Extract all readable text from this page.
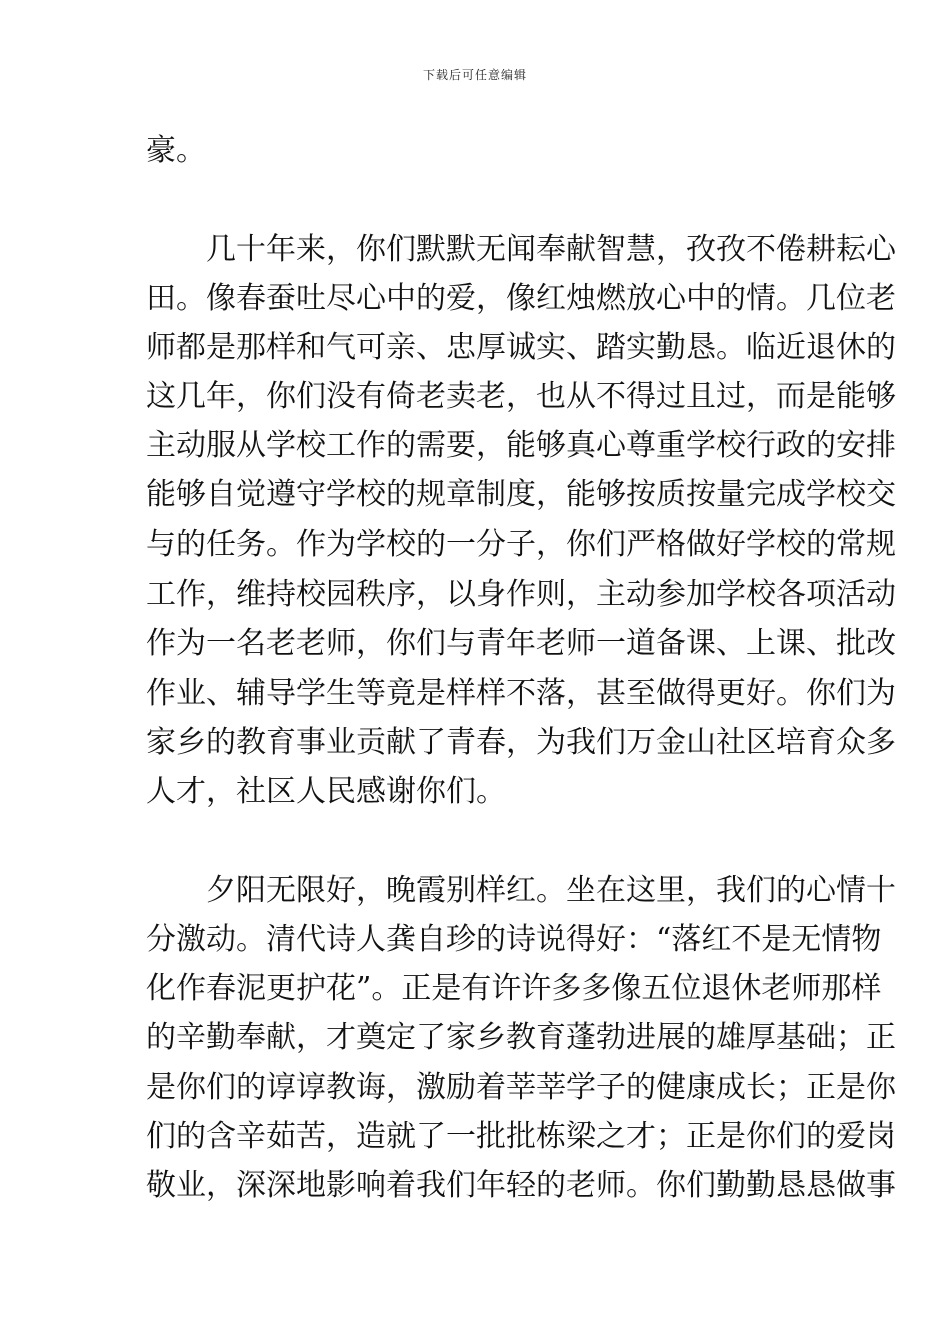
下载后可任意编辑
豪。
　　几十年来，你们默默无闻奉献智慧，孜孜不倦耕耘心
田。像春蚕吐尽心中的爱，像红烛燃放心中的情。几位老
师都是那样和气可亲、忠厚诚实、踏实勤恳。临近退休的
这几年，你们没有倚老卖老，也从不得过且过，而是能够
主动服从学校工作的需要，能够真心尊重学校行政的安排
能够自觉遵守学校的规章制度，能够按质按量完成学校交
与的任务。作为学校的一分子，你们严格做好学校的常规
工作，维持校园秩序，以身作则，主动参加学校各项活动
作为一名老老师，你们与青年老师一道备课、上课、批改
作业、辅导学生等竟是样样不落，甚至做得更好。你们为
家乡的教育事业贡献了青春，为我们万金山社区培育众多
人才，社区人民感谢你们。
　　夕阳无限好，晚霞别样红。坐在这里，我们的心情十
分激动。清代诗人龚自珍的诗说得好：“落红不是无情物
化作春泥更护花”。正是有许许多多像五位退休老师那样
的辛勤奉献，才奠定了家乡教育蓬勃进展的雄厚基础；正
是你们的谆谆教诲，激励着莘莘学子的健康成长；正是你
们的含辛茹苦，造就了一批批栋梁之才；正是你们的爱岗
敬业，深深地影响着我们年轻的老师。你们勤勤恳恳做事
